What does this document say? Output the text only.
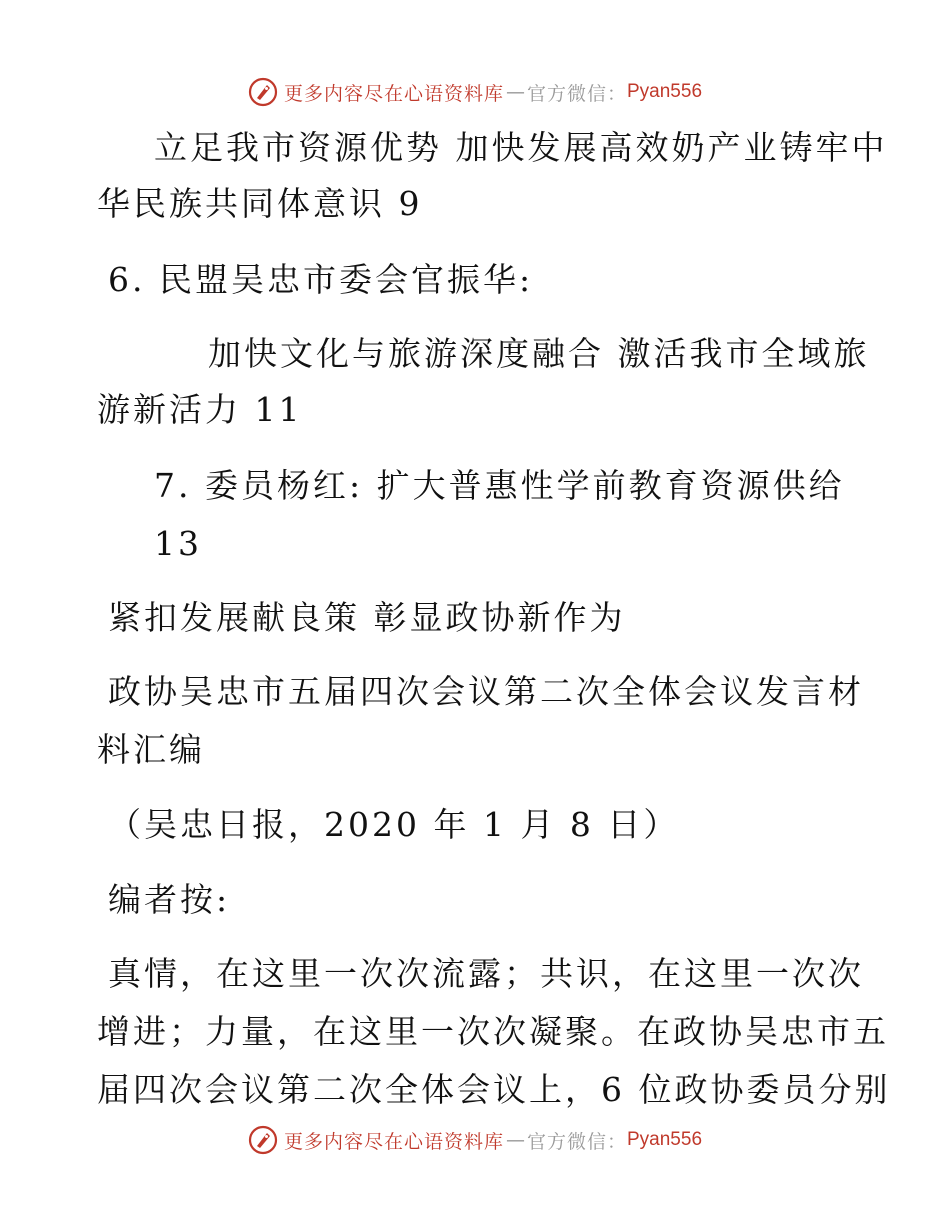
更多内容尽在心语资料库 — 官方微信： Pyan556
立足我市资源优势 加快发展高效奶产业铸牢中
华民族共同体意识 9
6. 民盟吴忠市委会官振华:
加快文化与旅游深度融合 激活我市全域旅
游新活力 11
7. 委员杨红: 扩大普惠性学前教育资源供给
13
紧扣发展献良策 彰显政协新作为
政协吴忠市五届四次会议第二次全体会议发言材
料汇编
（吴忠日报，2020 年 1 月 8 日）
编者按:
真情，在这里一次次流露；共识，在这里一次次
增进；力量，在这里一次次凝聚。在政协吴忠市五
届四次会议第二次全体会议上，6 位政协委员分别
更多内容尽在心语资料库 — 官方微信： Pyan556
